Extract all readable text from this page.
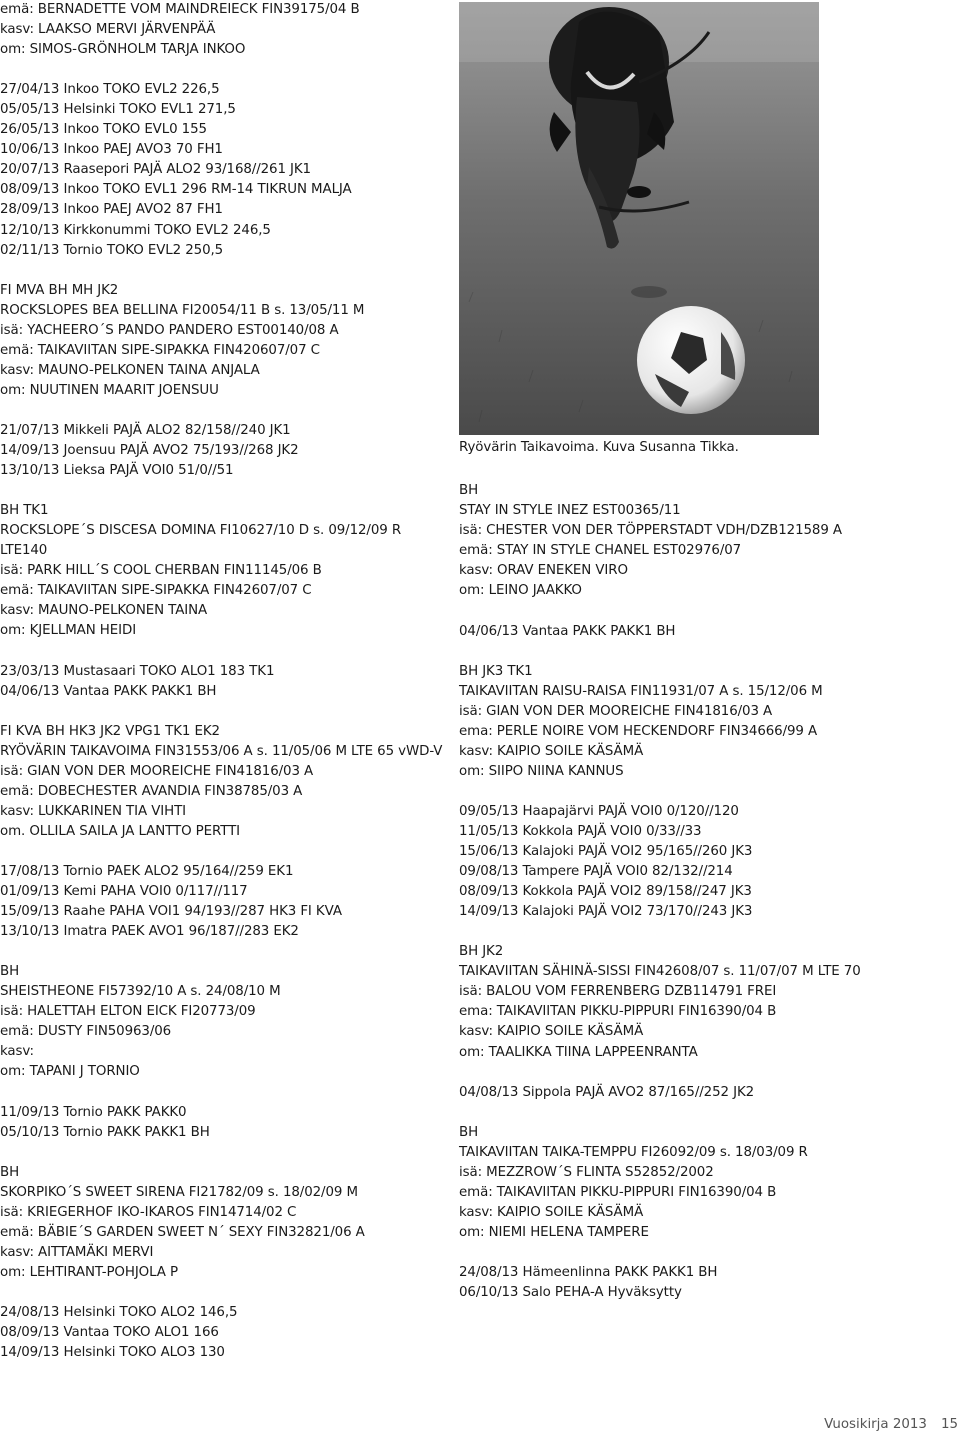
emä: BERNADETTE VOM MAINDREIECK FIN39175/04 B
kasv: LAAKSO MERVI JÄRVENPÄÄ
om: SIMOS-GRÖNHOLM TARJA INKOO
27/04/13 Inkoo TOKO EVL2 226,5
05/05/13 Helsinki TOKO EVL1 271,5
26/05/13 Inkoo TOKO EVL0 155
10/06/13 Inkoo PAEJ AVO3 70 FH1
20/07/13 Raasepori PAJÄ ALO2 93/168//261 JK1
08/09/13 Inkoo TOKO EVL1 296 RM-14 TIKRUN MALJA
28/09/13 Inkoo PAEJ AVO2 87 FH1
12/10/13 Kirkkonummi TOKO EVL2 246,5
02/11/13 Tornio TOKO EVL2 250,5
FI MVA BH MH JK2
ROCKSLOPES BEA BELLINA FI20054/11 B s. 13/05/11 M
isä: YACHEERO´S PANDO PANDERO EST00140/08 A
emä: TAIKAVIITAN SIPE-SIPAKKA FIN420607/07 C
kasv: MAUNO-PELKONEN TAINA ANJALA
om: NUUTINEN MAARIT JOENSUU
21/07/13 Mikkeli PAJÄ ALO2 82/158//240 JK1
14/09/13 Joensuu PAJÄ AVO2 75/193//268 JK2
13/10/13 Lieksa PAJÄ VOI0 51/0//51
BH TK1
ROCKSLOPE´S DISCESA DOMINA FI10627/10 D s. 09/12/09 R
LTE140
isä: PARK HILL´S COOL CHERBAN FIN11145/06 B
emä: TAIKAVIITAN SIPE-SIPAKKA FIN42607/07 C
kasv: MAUNO-PELKONEN TAINA
om: KJELLMAN HEIDI
23/03/13 Mustasaari TOKO ALO1 183 TK1
04/06/13 Vantaa PAKK PAKK1 BH
FI KVA BH HK3 JK2 VPG1 TK1 EK2
RYÖVÄRIN TAIKAVOIMA FIN31553/06 A s. 11/05/06 M LTE 65 vWD-V
isä: GIAN VON DER MOOREICHE FIN41816/03 A
emä: DOBECHESTER AVANDIA FIN38785/03 A
kasv: LUKKARINEN TIA VIHTI
om. OLLILA SAILA JA LANTTO PERTTI
17/08/13 Tornio PAEK ALO2 95/164//259 EK1
01/09/13 Kemi PAHA VOI0 0/117//117
15/09/13 Raahe PAHA VOI1 94/193//287 HK3 FI KVA
13/10/13 Imatra PAEK AVO1 96/187//283 EK2
BH
SHEISTHEONE FI57392/10 A s. 24/08/10 M
isä: HALETTAH ELTON EICK FI20773/09
emä: DUSTY FIN50963/06
kasv:
om: TAPANI J TORNIO
11/09/13 Tornio PAKK PAKK0
05/10/13 Tornio PAKK PAKK1 BH
BH
SKORPIKO´S SWEET SIRENA FI21782/09 s. 18/02/09 M
isä: KRIEGERHOF IKO-IKAROS FIN14714/02 C
emä: BÄBIE´S GARDEN SWEET N´ SEXY FIN32821/06 A
kasv: AITTAMÄKI MERVI
om: LEHTIRANT-POHJOLA P
24/08/13 Helsinki TOKO ALO2 146,5
08/09/13 Vantaa TOKO ALO1 166
14/09/13 Helsinki TOKO ALO3 130
Ryövärin Taikavoima. Kuva Susanna Tikka.
BH
STAY IN STYLE INEZ EST00365/11
isä: CHESTER VON DER TÖPPERSTADT VDH/DZB121589 A
emä: STAY IN STYLE CHANEL EST02976/07
kasv: ORAV ENEKEN VIRO
om: LEINO JAAKKO
04/06/13 Vantaa PAKK PAKK1 BH
BH JK3 TK1
TAIKAVIITAN RAISU-RAISA FIN11931/07 A s. 15/12/06 M
isä: GIAN VON DER MOOREICHE FIN41816/03 A
ema: PERLE NOIRE VOM HECKENDORF FIN34666/99 A
kasv: KAIPIO SOILE KÄSÄMÄ
om: SIIPO NIINA KANNUS
09/05/13 Haapajärvi PAJÄ VOI0 0/120//120
11/05/13 Kokkola PAJÄ VOI0 0/33//33
15/06/13 Kalajoki PAJÄ VOI2 95/165//260 JK3
09/08/13 Tampere PAJÄ VOI0 82/132//214
08/09/13 Kokkola PAJÄ VOI2 89/158//247 JK3
14/09/13 Kalajoki PAJÄ VOI2 73/170//243 JK3
BH JK2
TAIKAVIITAN SÄHINÄ-SISSI FIN42608/07 s. 11/07/07 M LTE 70
isä: BALOU VOM FERRENBERG DZB114791 FREI
ema: TAIKAVIITAN PIKKU-PIPPURI FIN16390/04 B
kasv: KAIPIO SOILE KÄSÄMÄ
om: TAALIKKA TIINA LAPPEENRANTA
04/08/13 Sippola PAJÄ AVO2 87/165//252 JK2
BH
TAIKAVIITAN TAIKA-TEMPPU FI26092/09 s. 18/03/09 R
isä: MEZZROW´S FLINTA S52852/2002
emä: TAIKAVIITAN PIKKU-PIPPURI FIN16390/04 B
kasv: KAIPIO SOILE KÄSÄMÄ
om: NIEMI HELENA TAMPERE
24/08/13 Hämeenlinna PAKK PAKK1 BH
06/10/13 Salo PEHA-A Hyväksytty
Vuosikirja 2013 15
